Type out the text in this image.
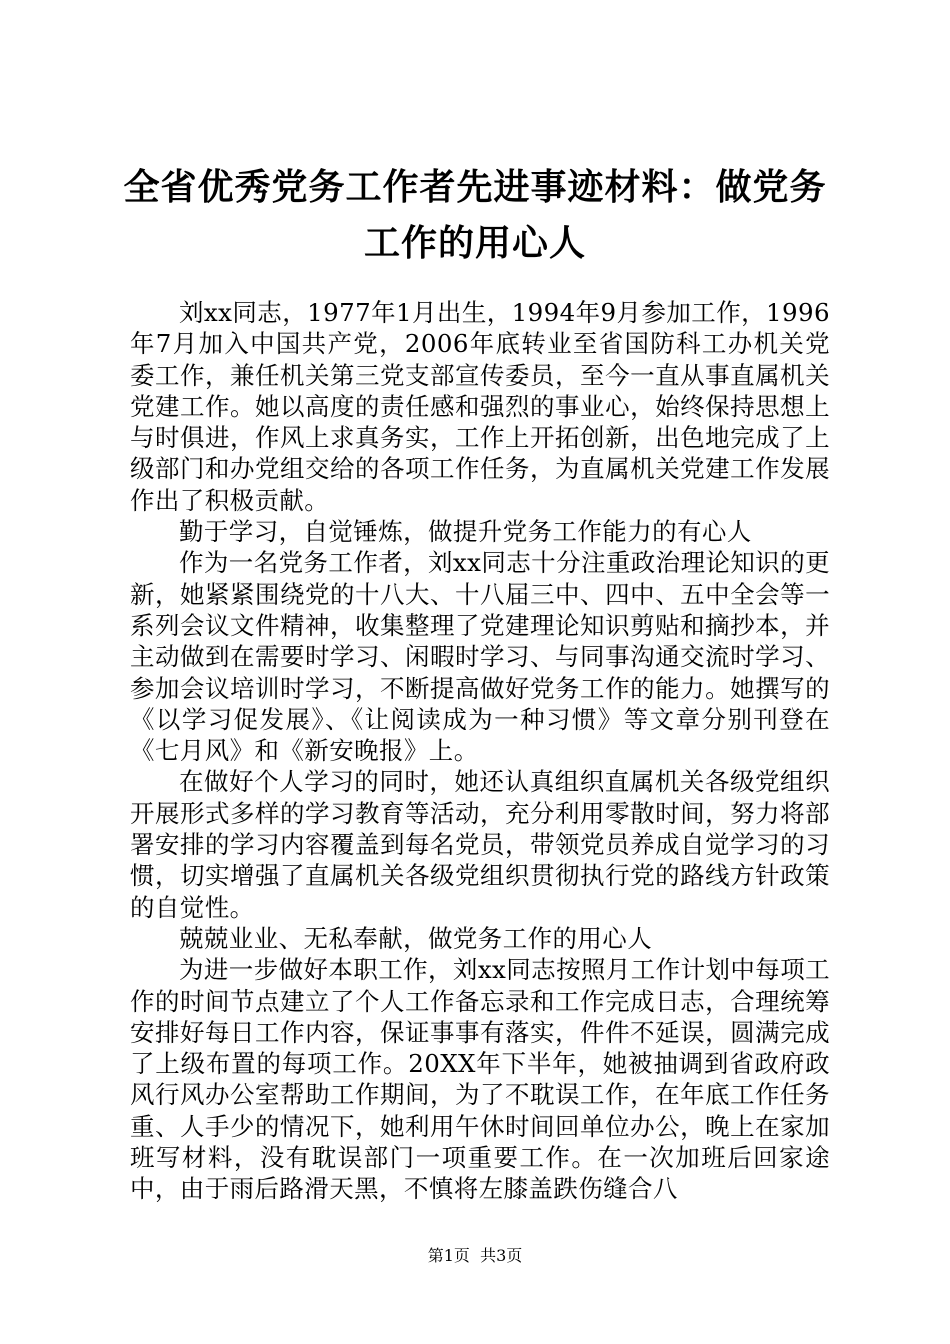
全省优秀党务工作者先进事迹材料：做党务工作的用心人

刘xx同志，1977年1月出生，1994年9月参加工作，1996年7月加入中国共产党，2006年底转业至省国防科工办机关党委工作，兼任机关第三党支部宣传委员，至今一直从事直属机关党建工作。她以高度的责任感和强烈的事业心，始终保持思想上与时俱进，作风上求真务实，工作上开拓创新，出色地完成了上级部门和办党组交给的各项工作任务，为直属机关党建工作发展作出了积极贡献。

勤于学习，自觉锤炼，做提升党务工作能力的有心人

作为一名党务工作者，刘xx同志十分注重政治理论知识的更新，她紧紧围绕党的十八大、十八届三中、四中、五中全会等一系列会议文件精神，收集整理了党建理论知识剪贴和摘抄本，并主动做到在需要时学习、闲暇时学习、与同事沟通交流时学习、参加会议培训时学习，不断提高做好党务工作的能力。她撰写的《以学习促发展》、《让阅读成为一种习惯》等文章分别刊登在《七月风》和《新安晚报》上。

在做好个人学习的同时，她还认真组织直属机关各级党组织开展形式多样的学习教育等活动，充分利用零散时间，努力将部署安排的学习内容覆盖到每名党员，带领党员养成自觉学习的习惯，切实增强了直属机关各级党组织贯彻执行党的路线方针政策的自觉性。

兢兢业业、无私奉献，做党务工作的用心人

为进一步做好本职工作，刘xx同志按照月工作计划中每项工作的时间节点建立了个人工作备忘录和工作完成日志，合理统筹安排好每日工作内容，保证事事有落实，件件不延误，圆满完成了上级布置的每项工作。20XX年下半年，她被抽调到省政府政风行风办公室帮助工作期间，为了不耽误工作，在年底工作任务重、人手少的情况下，她利用午休时间回单位办公，晚上在家加班写材料，没有耽误部门一项重要工作。在一次加班后回家途中，由于雨后路滑天黑，不慎将左膝盖跌伤缝合八

第1页  共3页
